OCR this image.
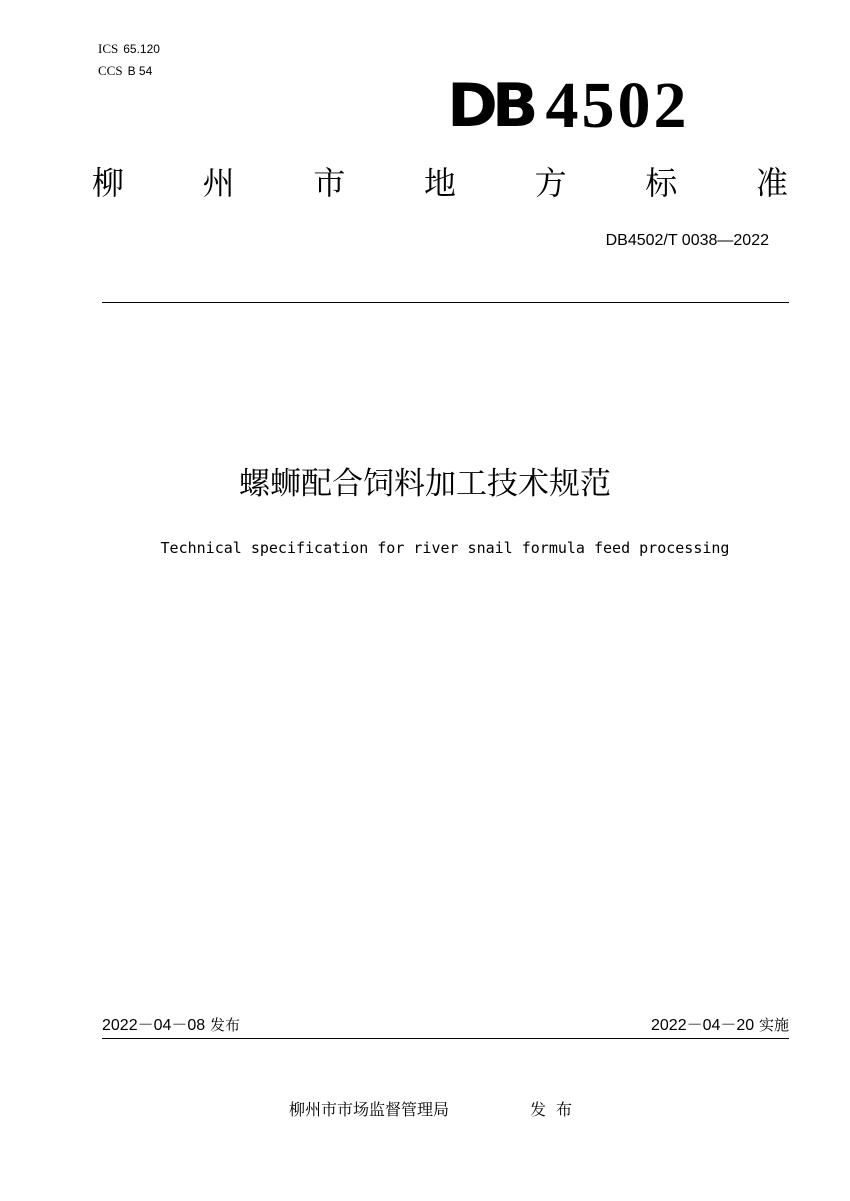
ICS 65.120
CCS B 54	DB 4502
柳 州 市 地 方 标 准
DB4502/T 0038—2022
螺蛳配合饲料加工技术规范
Technical specification for river snail formula feed processing
2022－04－08 发布	2022－04－20 实施
柳州市市场监督管理局	发布
